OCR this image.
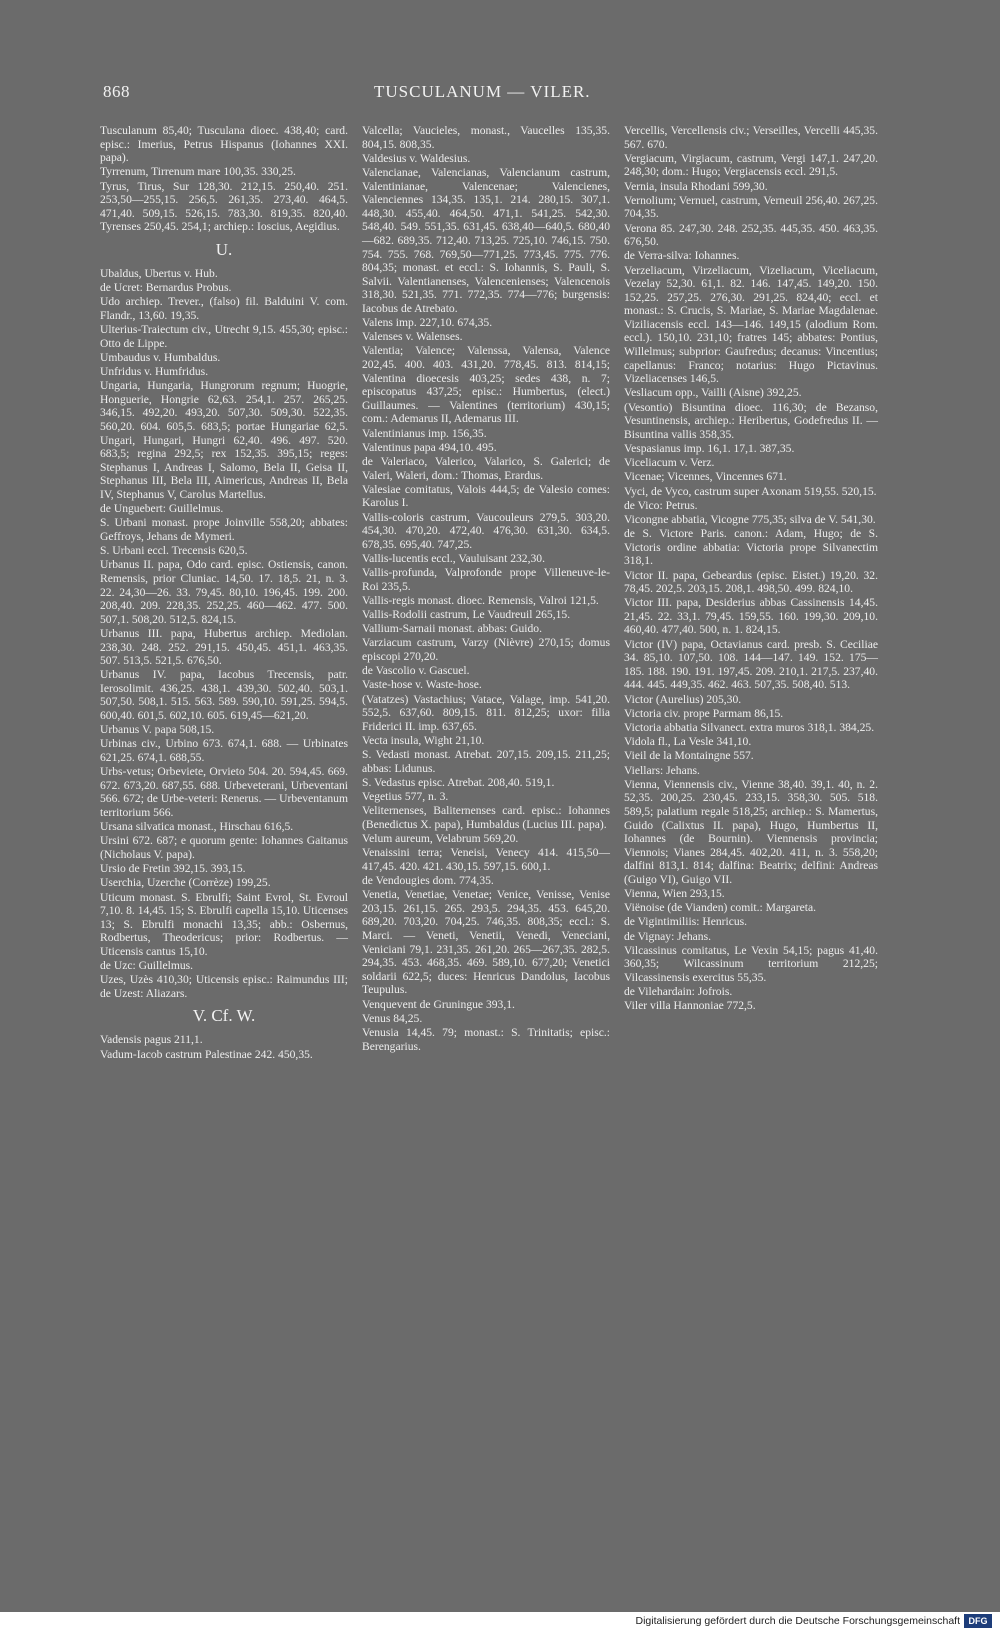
868	TUSCULANUM — VILER.
Tusculanum 85,40; Tusculana dioec. 438,40; card. episc.: Imerius, Petrus Hispanus (Iohannes XXI. papa).
Tyrrenum, Tirrenum mare 100,35. 330,25.
Tyrus, Tirus, Sur 128,30. 212,15. 250,40. 251. 253,50—255,15. 256,5. 261,35. 273,40. 464,5. 471,40. 509,15. 526,15. 783,30. 819,35. 820,40. Tyrenses 250,45. 254,1; archiep.: Ioscius, Aegidius.
U.
Ubaldus, Ubertus v. Hub.
de Ucret: Bernardus Probus.
Udo archiep. Trever., (falso) fil. Balduini V. com. Flandr., 13,60. 19,35.
Ulterius-Traiectum civ., Utrecht 9,15. 455,30; episc.: Otto de Lippe.
Umbaudus v. Humbaldus.
Unfridus v. Humfridus.
Ungaria, Hungaria, Hungrorum regnum; Huogrie, Honguerie, Hongrie 62,63. 254,1. 257. 265,25. 346,15. 492,20. 493,20. 507,30. 509,30. 522,35. 560,20. 604. 605,5. 683,5; portae Hungariae 62,5. Ungari, Hungari, Hungri 62,40. 496. 497. 520. 683,5; regina 292,5; rex 152,35. 395,15; reges: Stephanus I, Andreas I, Salomo, Bela II, Geisa II, Stephanus III, Bela III, Aimericus, Andreas II, Bela IV, Stephanus V, Carolus Martellus.
de Unguebert: Guillelmus.
S. Urbani monast. prope Joinville 558,20; abbates: Geffroys, Jehans de Mymeri.
S. Urbani eccl. Trecensis 620,5.
Urbanus II. papa, Odo card. episc. Ostiensis, canon. Remensis, prior Cluniac. 14,50. 17. 18,5. 21, n. 3. 22. 24,30—26. 33. 79,45. 80,10. 196,45. 199. 200. 208,40. 209. 228,35. 252,25. 460—462. 477. 500. 507,1. 508,20. 512,5. 824,15.
Urbanus III. papa, Hubertus archiep. Mediolan. 238,30. 248. 252. 291,15. 450,45. 451,1. 463,35. 507. 513,5. 521,5. 676,50.
Urbanus IV. papa, Iacobus Trecensis, patr. Ierosolimit. 436,25. 438,1. 439,30. 502,40. 503,1. 507,50. 508,1. 515. 563. 589. 590,10. 591,25. 594,5. 600,40. 601,5. 602,10. 605. 619,45—621,20.
Urbanus V. papa 508,15.
Urbinas civ., Urbino 673. 674,1. 688. — Urbinates 621,25. 674,1. 688,55.
Urbs-vetus; Orbeviete, Orvieto 504. 20. 594,45. 669. 672. 673,20. 687,55. 688. Urbeveterani, Urbeventani 566. 672; de Urbe-veteri: Renerus. — Urbeventanum territorium 566.
Ursana silvatica monast., Hirschau 616,5.
Ursini 672. 687; e quorum gente: Iohannes Gaitanus (Nicholaus V. papa).
Ursio de Fretin 392,15. 393,15.
Userchia, Uzerche (Corrèze) 199,25.
Uticum monast. S. Ebrulfi; Saint Evrol, St. Evroul 7,10. 8. 14,45. 15; S. Ebrulfi capella 15,10. Uticenses 13; S. Ebrulfi monachi 13,35; abb.: Osbernus, Rodbertus, Theodericus; prior: Rodbertus. — Uticensis cantus 15,10.
de Uzc: Guillelmus.
Uzes, Uzès 410,30; Uticensis episc.: Raimundus III; de Uzest: Aliazars.
V. Cf. W.
Vadensis pagus 211,1.
Vadum-Iacob castrum Palestinae 242. 450,35.
Valcella; Vaucieles, monast., Vaucelles 135,35. 804,15. 808,35.
Valdesius v. Waldesius.
Valencianae, Valencianas, Valencianum castrum, Valentinianae, Valencenae; Valencienes, Valenciennes 134,35. 135,1. 214. 280,15. 307,1. 448,30. 455,40. 464,50. 471,1. 541,25. 542,30. 548,40. 549. 551,35. 631,45. 638,40—640,5. 680,40—682. 689,35. 712,40. 713,25. 725,10. 746,15. 750. 754. 755. 768. 769,50—771,25. 773,45. 775. 776. 804,35; monast. et eccl.: S. Iohannis, S. Pauli, S. Salvii. Valentianenses, Valencenienses; Valencenois 318,30. 521,35. 771. 772,35. 774—776; burgensis: Iacobus de Atrebato.
Valens imp. 227,10. 674,35.
Valenses v. Walenses.
Valentia; Valence; Valenssa, Valensa, Valence 202,45. 400. 403. 431,20. 778,45. 813. 814,15; Valentina dioecesis 403,25; sedes 438, n. 7; episcopatus 437,25; episc.: Humbertus, (elect.) Guillaumes. — Valentines (territorium) 430,15; com.: Ademarus II, Ademarus III.
Valentinianus imp. 156,35.
Valentinus papa 494,10. 495.
de Valeriaco, Valerico, Valarico, S. Galerici; de Valeri, Waleri, dom.: Thomas, Erardus.
Valesiae comitatus, Valois 444,5; de Valesio comes: Karolus I.
Vallis-coloris castrum, Vaucouleurs 279,5. 303,20. 454,30. 470,20. 472,40. 476,30. 631,30. 634,5. 678,35. 695,40. 747,25.
Vallis-lucentis eccl., Vauluisant 232,30.
Vallis-profunda, Valprofonde prope Villeneuve-le-Roi 235,5.
Vallis-regis monast. dioec. Remensis, Valroi 121,5.
Vallis-Rodolii castrum, Le Vaudreuil 265,15.
Vallium-Sarnaii monast. abbas: Guido.
Varziacum castrum, Varzy (Nièvre) 270,15; domus episcopi 270,20.
de Vascolio v. Gascuel.
Vaste-hose v. Waste-hose.
(Vatatzes) Vastachius; Vatace, Valage, imp. 541,20. 552,5. 637,60. 809,15. 811. 812,25; uxor: filia Friderici II. imp. 637,65.
Vecta insula, Wight 21,10.
S. Vedasti monast. Atrebat. 207,15. 209,15. 211,25; abbas: Lidunus.
S. Vedastus episc. Atrebat. 208,40. 519,1.
Vegetius 577, n. 3.
Veliternenses, Baliternenses card. episc.: Iohannes (Benedictus X. papa), Humbaldus (Lucius III. papa).
Velum aureum, Velabrum 569,20.
Venaissini terra; Veneisi, Venecy 414. 415,50—417,45. 420. 421. 430,15. 597,15. 600,1.
de Vendougies dom. 774,35.
Venetia, Venetiae, Venetae; Venice, Venisse, Venise 203,15. 261,15. 265. 293,5. 294,35. 453. 645,20. 689,20. 703,20. 704,25. 746,35. 808,35; eccl.: S. Marci. — Veneti, Venetii, Venedi, Veneciani, Veniciani 79,1. 231,35. 261,20. 265—267,35. 282,5. 294,35. 453. 468,35. 469. 589,10. 677,20; Venetici soldarii 622,5; duces: Henricus Dandolus, Iacobus Teupulus.
Venquevent de Gruningue 393,1.
Venus 84,25.
Venusia 14,45. 79; monast.: S. Trinitatis; episc.: Berengarius.
Vercellis, Vercellensis civ.; Verseilles, Vercelli 445,35. 567. 670.
Vergiacum, Virgiacum, castrum, Vergi 147,1. 247,20. 248,30; dom.: Hugo; Vergiacensis eccl. 291,5.
Vernia, insula Rhodani 599,30.
Vernolium; Vernuel, castrum, Verneuil 256,40. 267,25. 704,35.
Verona 85. 247,30. 248. 252,35. 445,35. 450. 463,35. 676,50.
de Verra-silva: Iohannes.
Verzeliacum, Virzeliacum, Vizeliacum, Viceliacum, Vezelay 52,30. 61,1. 82. 146. 147,45. 149,20. 150. 152,25. 257,25. 276,30. 291,25. 824,40; eccl. et monast.: S. Crucis, S. Mariae, S. Mariae Magdalenae. Viziliacensis eccl. 143—146. 149,15 (alodium Rom. eccl.). 150,10. 231,10; fratres 145; abbates: Pontius, Willelmus; subprior: Gaufredus; decanus: Vincentius; capellanus: Franco; notarius: Hugo Pictavinus. Vizeliacenses 146,5.
Vesliacum opp., Vailli (Aisne) 392,25.
(Vesontio) Bisuntina dioec. 116,30; de Bezanso, Vesuntinensis, archiep.: Heribertus, Godefredus II. — Bisuntina vallis 358,35.
Vespasianus imp. 16,1. 17,1. 387,35.
Viceliacum v. Verz.
Vicenae; Vicennes, Vincennes 671.
Vyci, de Vyco, castrum super Axonam 519,55. 520,15.
de Vico: Petrus.
Vicongne abbatia, Vicogne 775,35; silva de V. 541,30.
de S. Victore Paris. canon.: Adam, Hugo; de S. Victoris ordine abbatia: Victoria prope Silvanectim 318,1.
Victor II. papa, Gebeardus (episc. Eistet.) 19,20. 32. 78,45. 202,5. 203,15. 208,1. 498,50. 499. 824,10.
Victor III. papa, Desiderius abbas Cassinensis 14,45. 21,45. 22. 33,1. 79,45. 159,55. 160. 199,30. 209,10. 460,40. 477,40. 500, n. 1. 824,15.
Victor (IV) papa, Octavianus card. presb. S. Ceciliae 34. 85,10. 107,50. 108. 144—147. 149. 152. 175—185. 188. 190. 191. 197,45. 209. 210,1. 217,5. 237,40. 444. 445. 449,35. 462. 463. 507,35. 508,40. 513.
Victor (Aurelius) 205,30.
Victoria civ. prope Parmam 86,15.
Victoria abbatia Silvanect. extra muros 318,1. 384,25.
Vidola fl., La Vesle 341,10.
Vieil de la Montaingne 557.
Viellars: Jehans.
Vienna, Viennensis civ., Vienne 38,40. 39,1. 40, n. 2. 52,35. 200,25. 230,45. 233,15. 358,30. 505. 518. 589,5; palatium regale 518,25; archiep.: S. Mamertus, Guido (Calixtus II. papa), Hugo, Humbertus II, Iohannes (de Bournin). Viennensis provincia; Viennois; Vianes 284,45. 402,20. 411, n. 3. 558,20; dalfini 813,1. 814; dalfina: Beatrix; delfini: Andreas (Guigo VI), Guigo VII.
Vienna, Wien 293,15.
Viënoise (de Vianden) comit.: Margareta.
de Vigintimiliis: Henricus.
de Vignay: Jehans.
Vilcassinus comitatus, Le Vexin 54,15; pagus 41,40. 360,35; Wilcassinum territorium 212,25; Vilcassinensis exercitus 55,35.
de Vilehardain: Jofrois.
Viler villa Hannoniae 772,5.
Digitalisierung gefördert durch die Deutsche Forschungsgemeinschaft DFG
